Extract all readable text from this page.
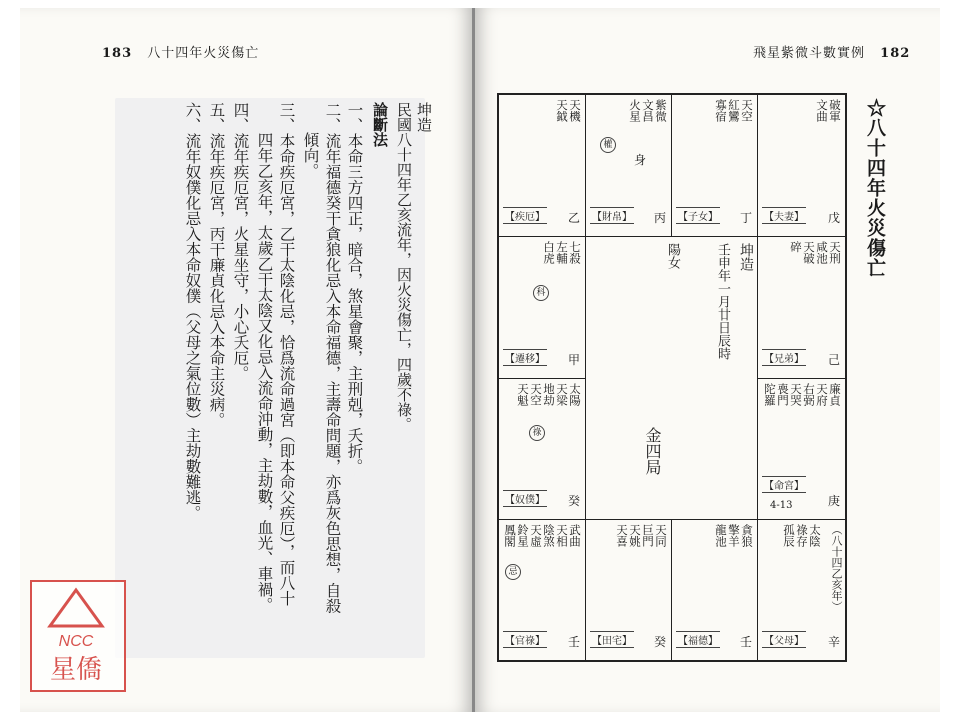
183 八十四年火災傷亡
坤造
民國八十四年乙亥流年，因火災傷亡，四歲不祿。
論斷法
一、本命三方四正，暗合，煞星會聚，主刑剋，夭折。
二、流年福德癸干貪狼化忌入本命福德，主壽命問題，亦爲灰色思想，自殺
傾向。
三、本命疾厄宮，乙干太陰化忌，恰爲流命過宮（即本命父疾厄），而八十
四年乙亥年，太歲乙干太陰又化忌入流命沖動，主劫數，血光、車禍。
四、流年疾厄宮，火星坐守，小心夭厄。
五、流年疾厄宮，丙干廉貞化忌入本命主災病。
六、流年奴僕化忌入本命奴僕（父母之氣位數）主劫數難逃。
飛星紫微斗數實例 182
☆八十四年火災傷亡
天機
天鉞
【疾厄】 乙
紫微
文昌
火星
權
身
【財帛】 丙
天空
紅鸞
寡宿
【子女】 丁
破軍
文曲
【夫妻】 戊
七殺
左輔
白虎
科
【遷移】 甲
天刑
咸池
天破
碎
【兄弟】 己
太陽
天梁
地劫
天空
天魁
祿
【奴僕】 癸
廉貞
天府
右弼
天哭
喪門
陀羅
【命宮】
4-13	庚
坤造
壬申年一月廿日辰時
陽女
金四局
武曲
天相
陰煞
天虛
鈴星
鳳閣
忌
【官祿】 壬
天同
巨門
天姚
天喜
【田宅】 癸
貪狼
擎羊
龍池
【福德】 壬
太陰
祿存
孤辰	（八十四乙亥年）
【父母】 辛
NCC
星僑
